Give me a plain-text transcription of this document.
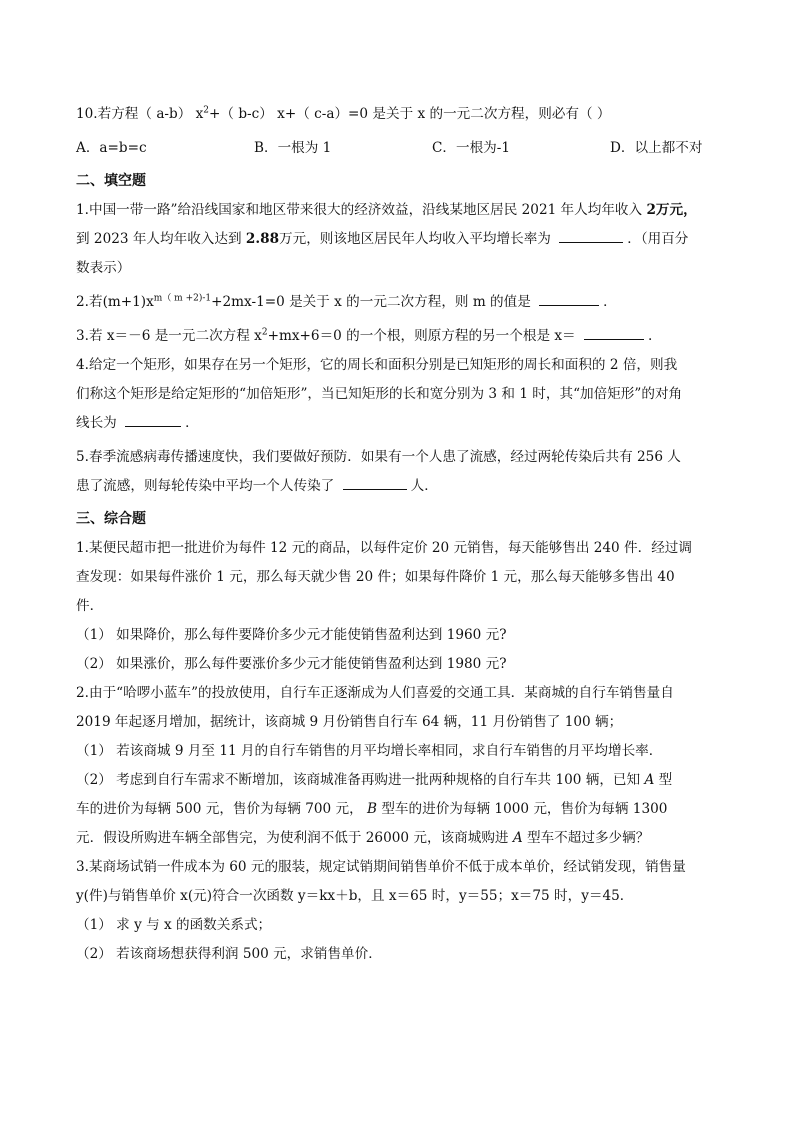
10.若方程（ a-b） $x^2+$（ b-c） x+（ c-a）=0 是关于 x 的一元二次方程，则必有（ ）
A．a=b=c	B．一根为 1	C．一根为-1	D．以上都不对
二、填空题
1.中国一带一路”给沿线国家和地区带来很大的经济效益，沿线某地区居民 2021 年人均年收入 2万元，
到 2023 年人均年收入达到 2.88万元，则该地区居民年人均收入平均增长率为	．（用百分
数表示）
2.若$(m+1)x^{m( m +2)-1}+2mx-1=0$ 是关于 x 的一元二次方程，则 m 的值是	．
3.若 x＝－6 是一元二次方程 $x^2+mx+6=0$ 的一个根，则原方程的另一个根是 x＝	.
4.给定一个矩形，如果存在另一个矩形，它的周长和面积分别是已知矩形的周长和面积的 2 倍，则我
们称这个矩形是给定矩形的“加倍矩形”，当已知矩形的长和宽分别为 3 和 1 时，其“加倍矩形”的对角
线长为	．
5.春季流感病毒传播速度快，我们要做好预防．如果有一个人患了流感，经过两轮传染后共有 256 人
患了流感，则每轮传染中平均一个人传染了	人．
三、综合题
1.某便民超市把一批进价为每件 12 元的商品，以每件定价 20 元销售，每天能够售出 240 件．经过调
查发现：如果每件涨价 1 元，那么每天就少售 20 件；如果每件降价 1 元，那么每天能够多售出 40
件．
（1） 如果降价，那么每件要降价多少元才能使销售盈利达到 1960 元?
（2） 如果涨价，那么每件要涨价多少元才能使销售盈利达到 1980 元?
2.由于“哈啰小蓝车”的投放使用，自行车正逐渐成为人们喜爱的交通工具．某商城的自行车销售量自
2019 年起逐月增加，据统计，该商城 9 月份销售自行车 64 辆，11 月份销售了 100 辆；
（1） 若该商城 9 月至 11 月的自行车销售的月平均增长率相同，求自行车销售的月平均增长率．
（2） 考虑到自行车需求不断增加，该商城准备再购进一批两种规格的自行车共 100 辆，已知 A 型
车的进价为每辆 500 元，售价为每辆 700 元， B 型车的进价为每辆 1000 元，售价为每辆 1300
元．假设所购进车辆全部售完，为使利润不低于 26000 元，该商城购进 A 型车不超过多少辆？
3.某商场试销一件成本为 60 元的服装，规定试销期间销售单价不低于成本单价，经试销发现，销售量
y(件)与销售单价 x(元)符合一次函数 y＝kx＋b，且 x＝65 时，y＝55；x＝75 时，y＝45．
（1） 求 y 与 x 的函数关系式；
（2） 若该商场想获得利润 500 元，求销售单价．
